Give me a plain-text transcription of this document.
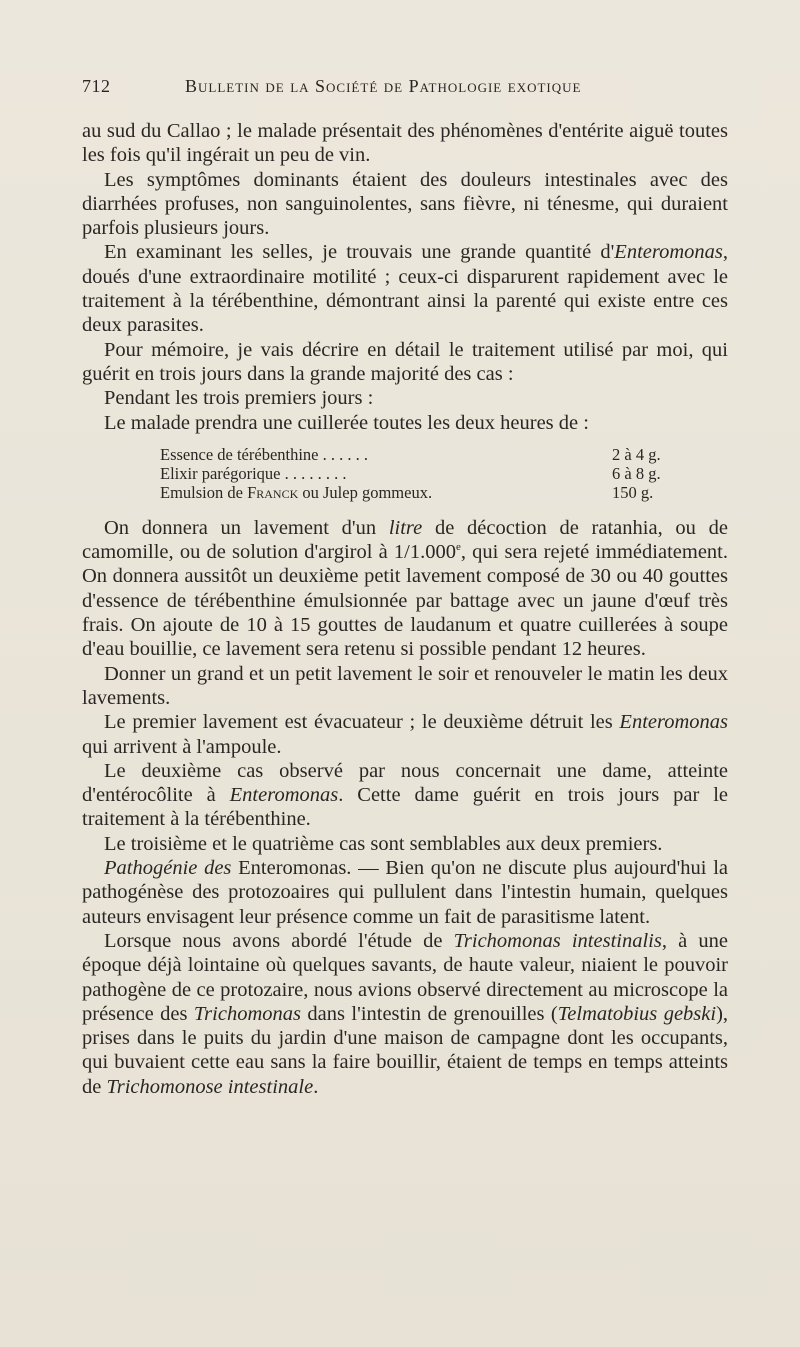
712	Bulletin de la Société de Pathologie exotique

au sud du Callao ; le malade présentait des phénomènes d'entérite aiguë toutes les fois qu'il ingérait un peu de vin.

Les symptômes dominants étaient des douleurs intestinales avec des diarrhées profuses, non sanguinolentes, sans fièvre, ni ténesme, qui duraient parfois plusieurs jours.

En examinant les selles, je trouvais une grande quantité d'Enteromonas, doués d'une extraordinaire motilité ; ceux-ci disparurent rapidement avec le traitement à la térébenthine, démontrant ainsi la parenté qui existe entre ces deux parasites.

Pour mémoire, je vais décrire en détail le traitement utilisé par moi, qui guérit en trois jours dans la grande majorité des cas :

Pendant les trois premiers jours :

Le malade prendra une cuillerée toutes les deux heures de :

Essence de térébenthine . . . . . .	2 à 4 g.
Elixir parégorique . . . . . . . .	6 à 8 g.
Emulsion de Franck ou Julep gommeux.	150 g.

On donnera un lavement d'un litre de décoction de ratanhia, ou de camomille, ou de solution d'argirol à 1/1.000e, qui sera rejeté immédiatement. On donnera aussitôt un deuxième petit lavement composé de 30 ou 40 gouttes d'essence de térébenthine émulsionnée par battage avec un jaune d'œuf très frais. On ajoute de 10 à 15 gouttes de laudanum et quatre cuillerées à soupe d'eau bouillie, ce lavement sera retenu si possible pendant 12 heures.

Donner un grand et un petit lavement le soir et renouveler le matin les deux lavements.

Le premier lavement est évacuateur ; le deuxième détruit les Enteromonas qui arrivent à l'ampoule.

Le deuxième cas observé par nous concernait une dame, atteinte d'entérocôlite à Enteromonas. Cette dame guérit en trois jours par le traitement à la térébenthine.

Le troisième et le quatrième cas sont semblables aux deux premiers.

Pathogénie des Enteromonas. — Bien qu'on ne discute plus aujourd'hui la pathogénèse des protozoaires qui pullulent dans l'intestin humain, quelques auteurs envisagent leur présence comme un fait de parasitisme latent.

Lorsque nous avons abordé l'étude de Trichomonas intestinalis, à une époque déjà lointaine où quelques savants, de haute valeur, niaient le pouvoir pathogène de ce protozaire, nous avions observé directement au microscope la présence des Trichomonas dans l'intestin de grenouilles (Telmatobius gebski), prises dans le puits du jardin d'une maison de campagne dont les occupants, qui buvaient cette eau sans la faire bouillir, étaient de temps en temps atteints de Trichomonose intestinale.
